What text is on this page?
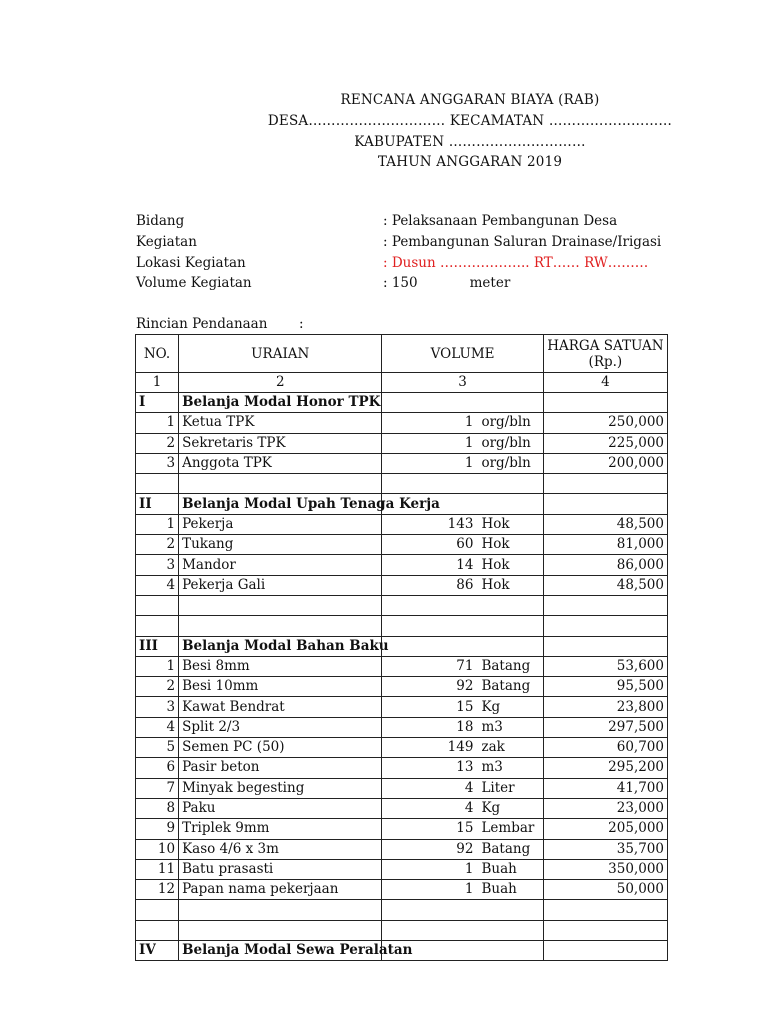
RENCANA ANGGARAN BIAYA (RAB)
DESA………………………… KECAMATAN ………………………
KABUPATEN …………………………
TAHUN ANGGARAN 2019
Bidang	: Pelaksanaan Pembangunan Desa
Kegiatan	: Pembangunan Saluran Drainase/Irigasi
Lokasi Kegiatan	: Dusun ……………….. RT…… RW………
Volume Kegiatan	: 150	meter
Rincian Pendanaan :
NO.	URAIAN	VOLUME	HARGA SATUAN
(Rp.)
1	2	3	4
I	Belanja Modal Honor TPK		
1	Ketua TPK	1 org/bln	250,000
2	Sekretaris TPK	1 org/bln	225,000
3	Anggota TPK	1 org/bln	200,000

II	Belanja Modal Upah Tenaga Kerja		
1	Pekerja	143 Hok	48,500
2	Tukang	60 Hok	81,000
3	Mandor	14 Hok	86,000
4	Pekerja Gali	86 Hok	48,500

III	Belanja Modal Bahan Baku		
1	Besi 8mm	71 Batang	53,600
2	Besi 10mm	92 Batang	95,500
3	Kawat Bendrat	15 Kg	23,800
4	Split 2/3	18 m3	297,500
5	Semen PC (50)	149 zak	60,700
6	Pasir beton	13 m3	295,200
7	Minyak begesting	4 Liter	41,700
8	Paku	4 Kg	23,000
9	Triplek 9mm	15 Lembar	205,000
10	Kaso 4/6 x 3m	92 Batang	35,700
11	Batu prasasti	1 Buah	350,000
12	Papan nama pekerjaan	1 Buah	50,000

IV	Belanja Modal Sewa Peralatan		
